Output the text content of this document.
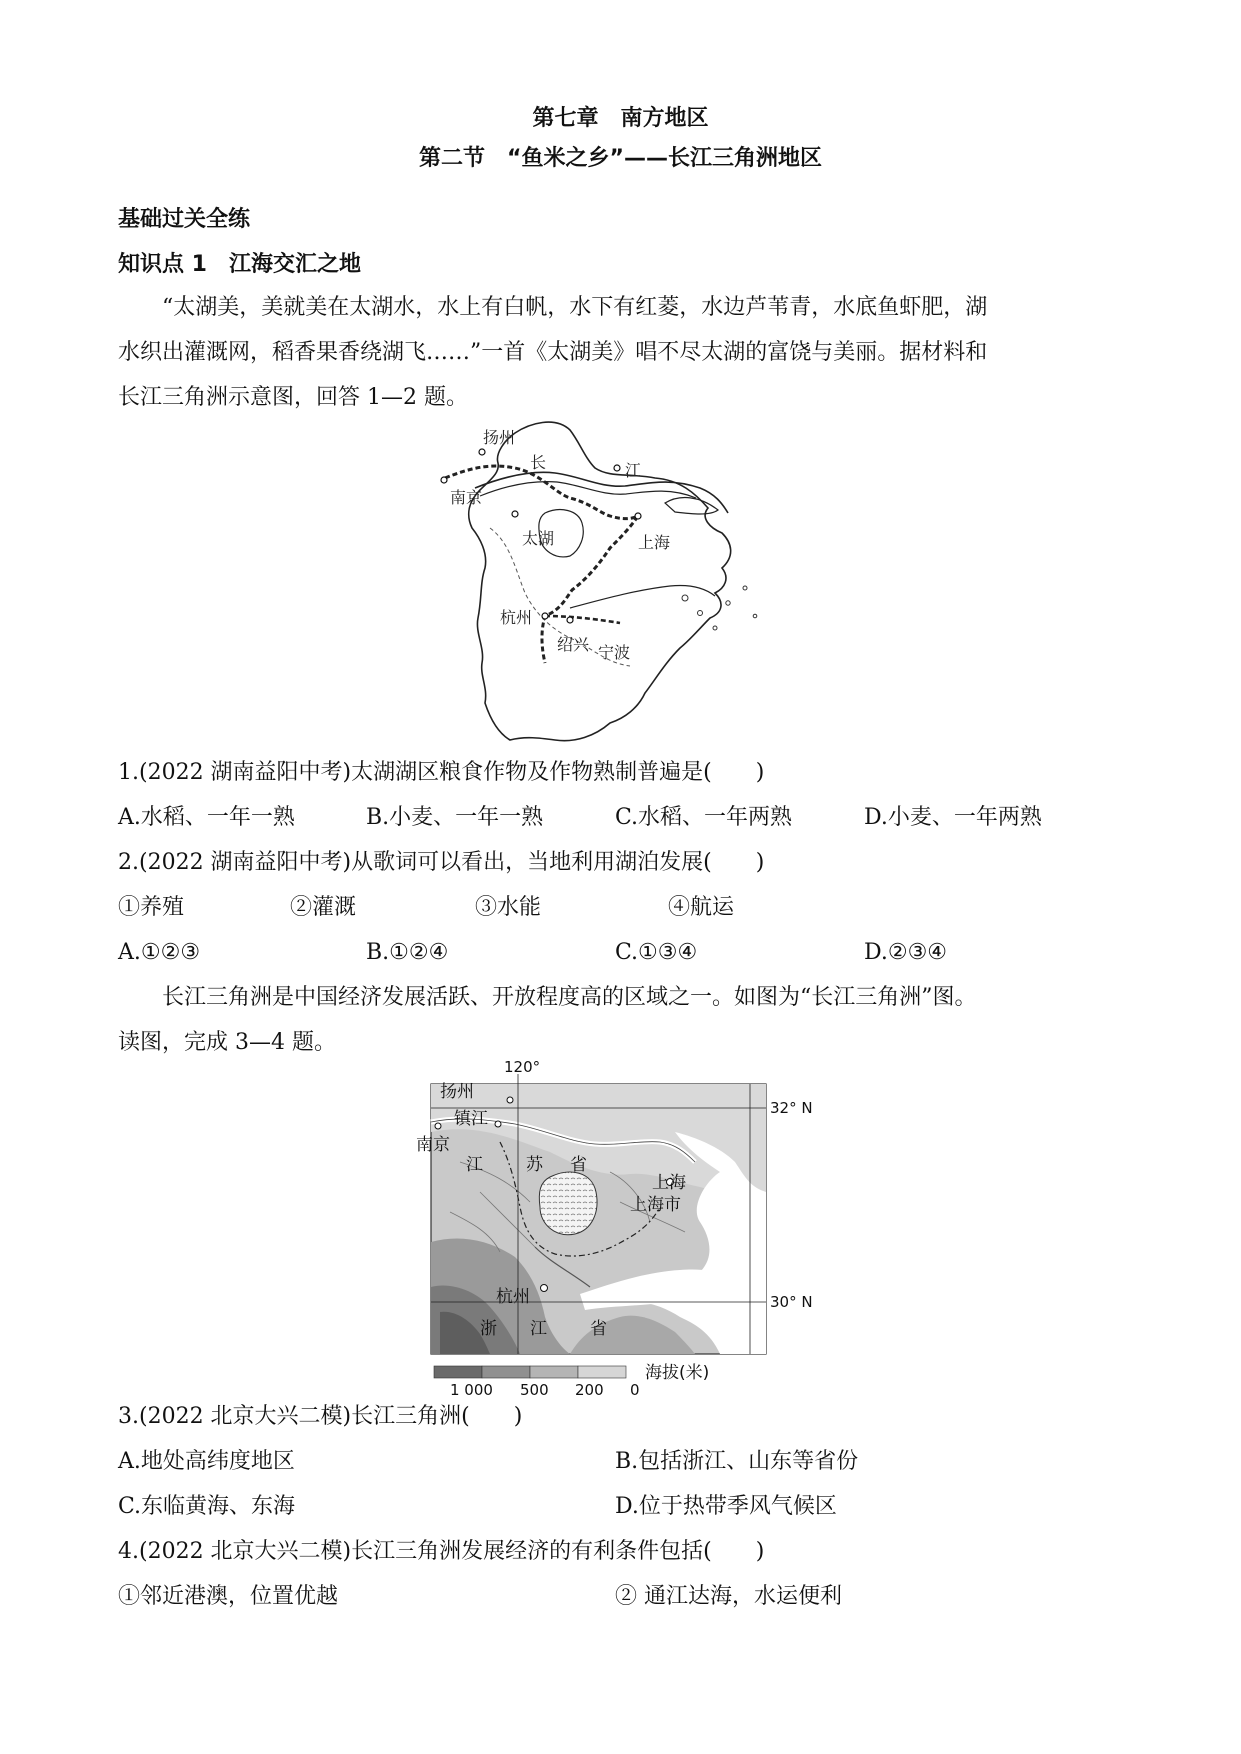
第七章　南方地区
第二节　“鱼米之乡”——长江三角洲地区
基础过关全练
知识点 1　江海交汇之地
“太湖美，美就美在太湖水，水上有白帆，水下有红菱，水边芦苇青，水底鱼虾肥，湖
水织出灌溉网，稻香果香绕湖飞……”一首《太湖美》唱不尽太湖的富饶与美丽。据材料和
长江三角洲示意图，回答 1—2 题。
扬州
长	江
南京
太湖	上海
杭州
绍兴 宁波
1.(2022 湖南益阳中考)太湖湖区粮食作物及作物熟制普遍是(　　)
A.水稻、一年一熟	B.小麦、一年一熟	C.水稻、一年两熟	D.小麦、一年两熟
2.(2022 湖南益阳中考)从歌词可以看出，当地利用湖泊发展(　　)
①养殖	②灌溉	③水能	④航运
A.①②③	B.①②④	C.①③④	D.②③④
长江三角洲是中国经济发展活跃、开放程度高的区域之一。如图为“长江三角洲”图。
读图，完成 3—4 题。
120°
32° N
30° N
扬州
镇江
南京
江	苏 省
上海
上海市
杭州
浙 江	省
1 000 500 200 0
海拔(米)
3.(2022 北京大兴二模)长江三角洲(　　)
A.地处高纬度地区	B.包括浙江、山东等省份
C.东临黄海、东海	D.位于热带季风气候区
4.(2022 北京大兴二模)长江三角洲发展经济的有利条件包括(　　)
①邻近港澳，位置优越	② 通江达海，水运便利
